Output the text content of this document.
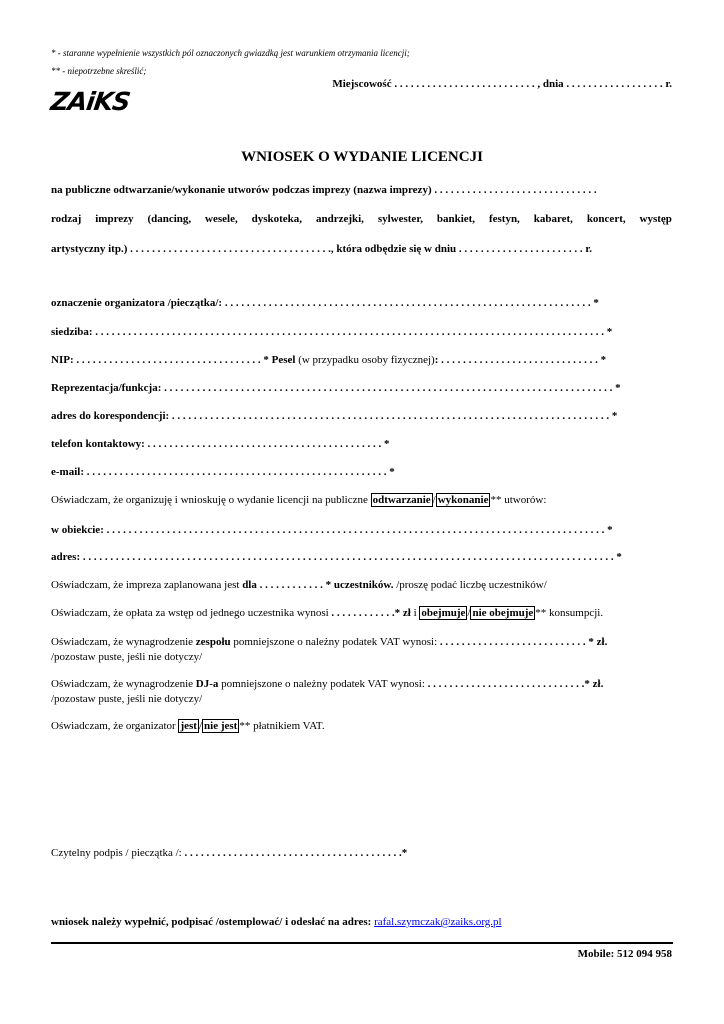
* - staranne wypełnienie wszystkich pól oznaczonych gwiazdką jest warunkiem otrzymania licencji;
** - niepotrzebne skreślić;
Miejscowość . . . . . . . . . . . . . . . . . . . . . . . . . . , dnia . . . . . . . . . . . . . . . . . . r.
ZAiKS
WNIOSEK O WYDANIE LICENCJI
na publiczne odtwarzanie/wykonanie utworów podczas imprezy (nazwa imprezy) . . . . . . . . . . . . . . . . . . . . . . . . . . . . . .
rodzaj imprezy (dancing, wesele, dyskoteka, andrzejki, sylwester, bankiet, festyn, kabaret, koncert, występ
artystyczny itp.) . . . . . . . . . . . . . . . . . . . . . . . . . . . . . . . . . . . . ., która odbędzie się w dniu . . . . . . . . . . . . . . . . . . . . . . . r.
oznaczenie organizatora /pieczątka/: . . . . . . . . . . . . . . . . . . . . . . . . . . . . . . . . . . . . . . . . . . . . . . . . . . . . . . . . . . . . . . . . . . . *
siedziba: . . . . . . . . . . . . . . . . . . . . . . . . . . . . . . . . . . . . . . . . . . . . . . . . . . . . . . . . . . . . . . . . . . . . . . . . . . . . . . . . . . . . . . . . . . . . . *
NIP: . . . . . . . . . . . . . . . . . . . . . . . . . . . . . . . . . . * Pesel (w przypadku osoby fizycznej): . . . . . . . . . . . . . . . . . . . . . . . . . . . . . *
Reprezentacja/funkcja: . . . . . . . . . . . . . . . . . . . . . . . . . . . . . . . . . . . . . . . . . . . . . . . . . . . . . . . . . . . . . . . . . . . . . . . . . . . . . . . . . . *
adres do korespondencji: . . . . . . . . . . . . . . . . . . . . . . . . . . . . . . . . . . . . . . . . . . . . . . . . . . . . . . . . . . . . . . . . . . . . . . . . . . . . . . . . *
telefon kontaktowy: . . . . . . . . . . . . . . . . . . . . . . . . . . . . . . . . . . . . . . . . . . . *
e-mail: . . . . . . . . . . . . . . . . . . . . . . . . . . . . . . . . . . . . . . . . . . . . . . . . . . . . . . . *
Oświadczam, że organizuję i wnioskuję o wydanie licencji na publiczne odtwarzanie / wykonanie ** utworów:
w obiekcie: . . . . . . . . . . . . . . . . . . . . . . . . . . . . . . . . . . . . . . . . . . . . . . . . . . . . . . . . . . . . . . . . . . . . . . . . . . . . . . . . . . . . . . . . . . . *
adres: . . . . . . . . . . . . . . . . . . . . . . . . . . . . . . . . . . . . . . . . . . . . . . . . . . . . . . . . . . . . . . . . . . . . . . . . . . . . . . . . . . . . . . . . . . . . . . . . . *
Oświadczam, że impreza zaplanowana jest dla . . . . . . . . . . . . * uczestników. /proszę podać liczbę uczestników/
Oświadczam, że opłata za wstęp od jednego uczestnika wynosi . . . . . . . . . . . .* zł i obejmuje / nie obejmuje ** konsumpcji.
Oświadczam, że wynagrodzenie zespołu pomniejszone o należny podatek VAT wynosi: . . . . . . . . . . . . . . . . . . . . . . . . . . . * zł.
/pozostaw puste, jeśli nie dotyczy/
Oświadczam, że wynagrodzenie DJ-a pomniejszone o należny podatek VAT wynosi: . . . . . . . . . . . . . . . . . . . . . . . . . . . . .* zł.
/pozostaw puste, jeśli nie dotyczy/
Oświadczam, że organizator jest / nie jest ** płatnikiem VAT.
Czytelny podpis / pieczątka /: . . . . . . . . . . . . . . . . . . . . . . . . . . . . . . . . . . . . . . . .*
wniosek należy wypełnić, podpisać /ostemplować/ i odesłać na adres: rafal.szymczak@zaiks.org.pl
Mobile: 512 094 958
